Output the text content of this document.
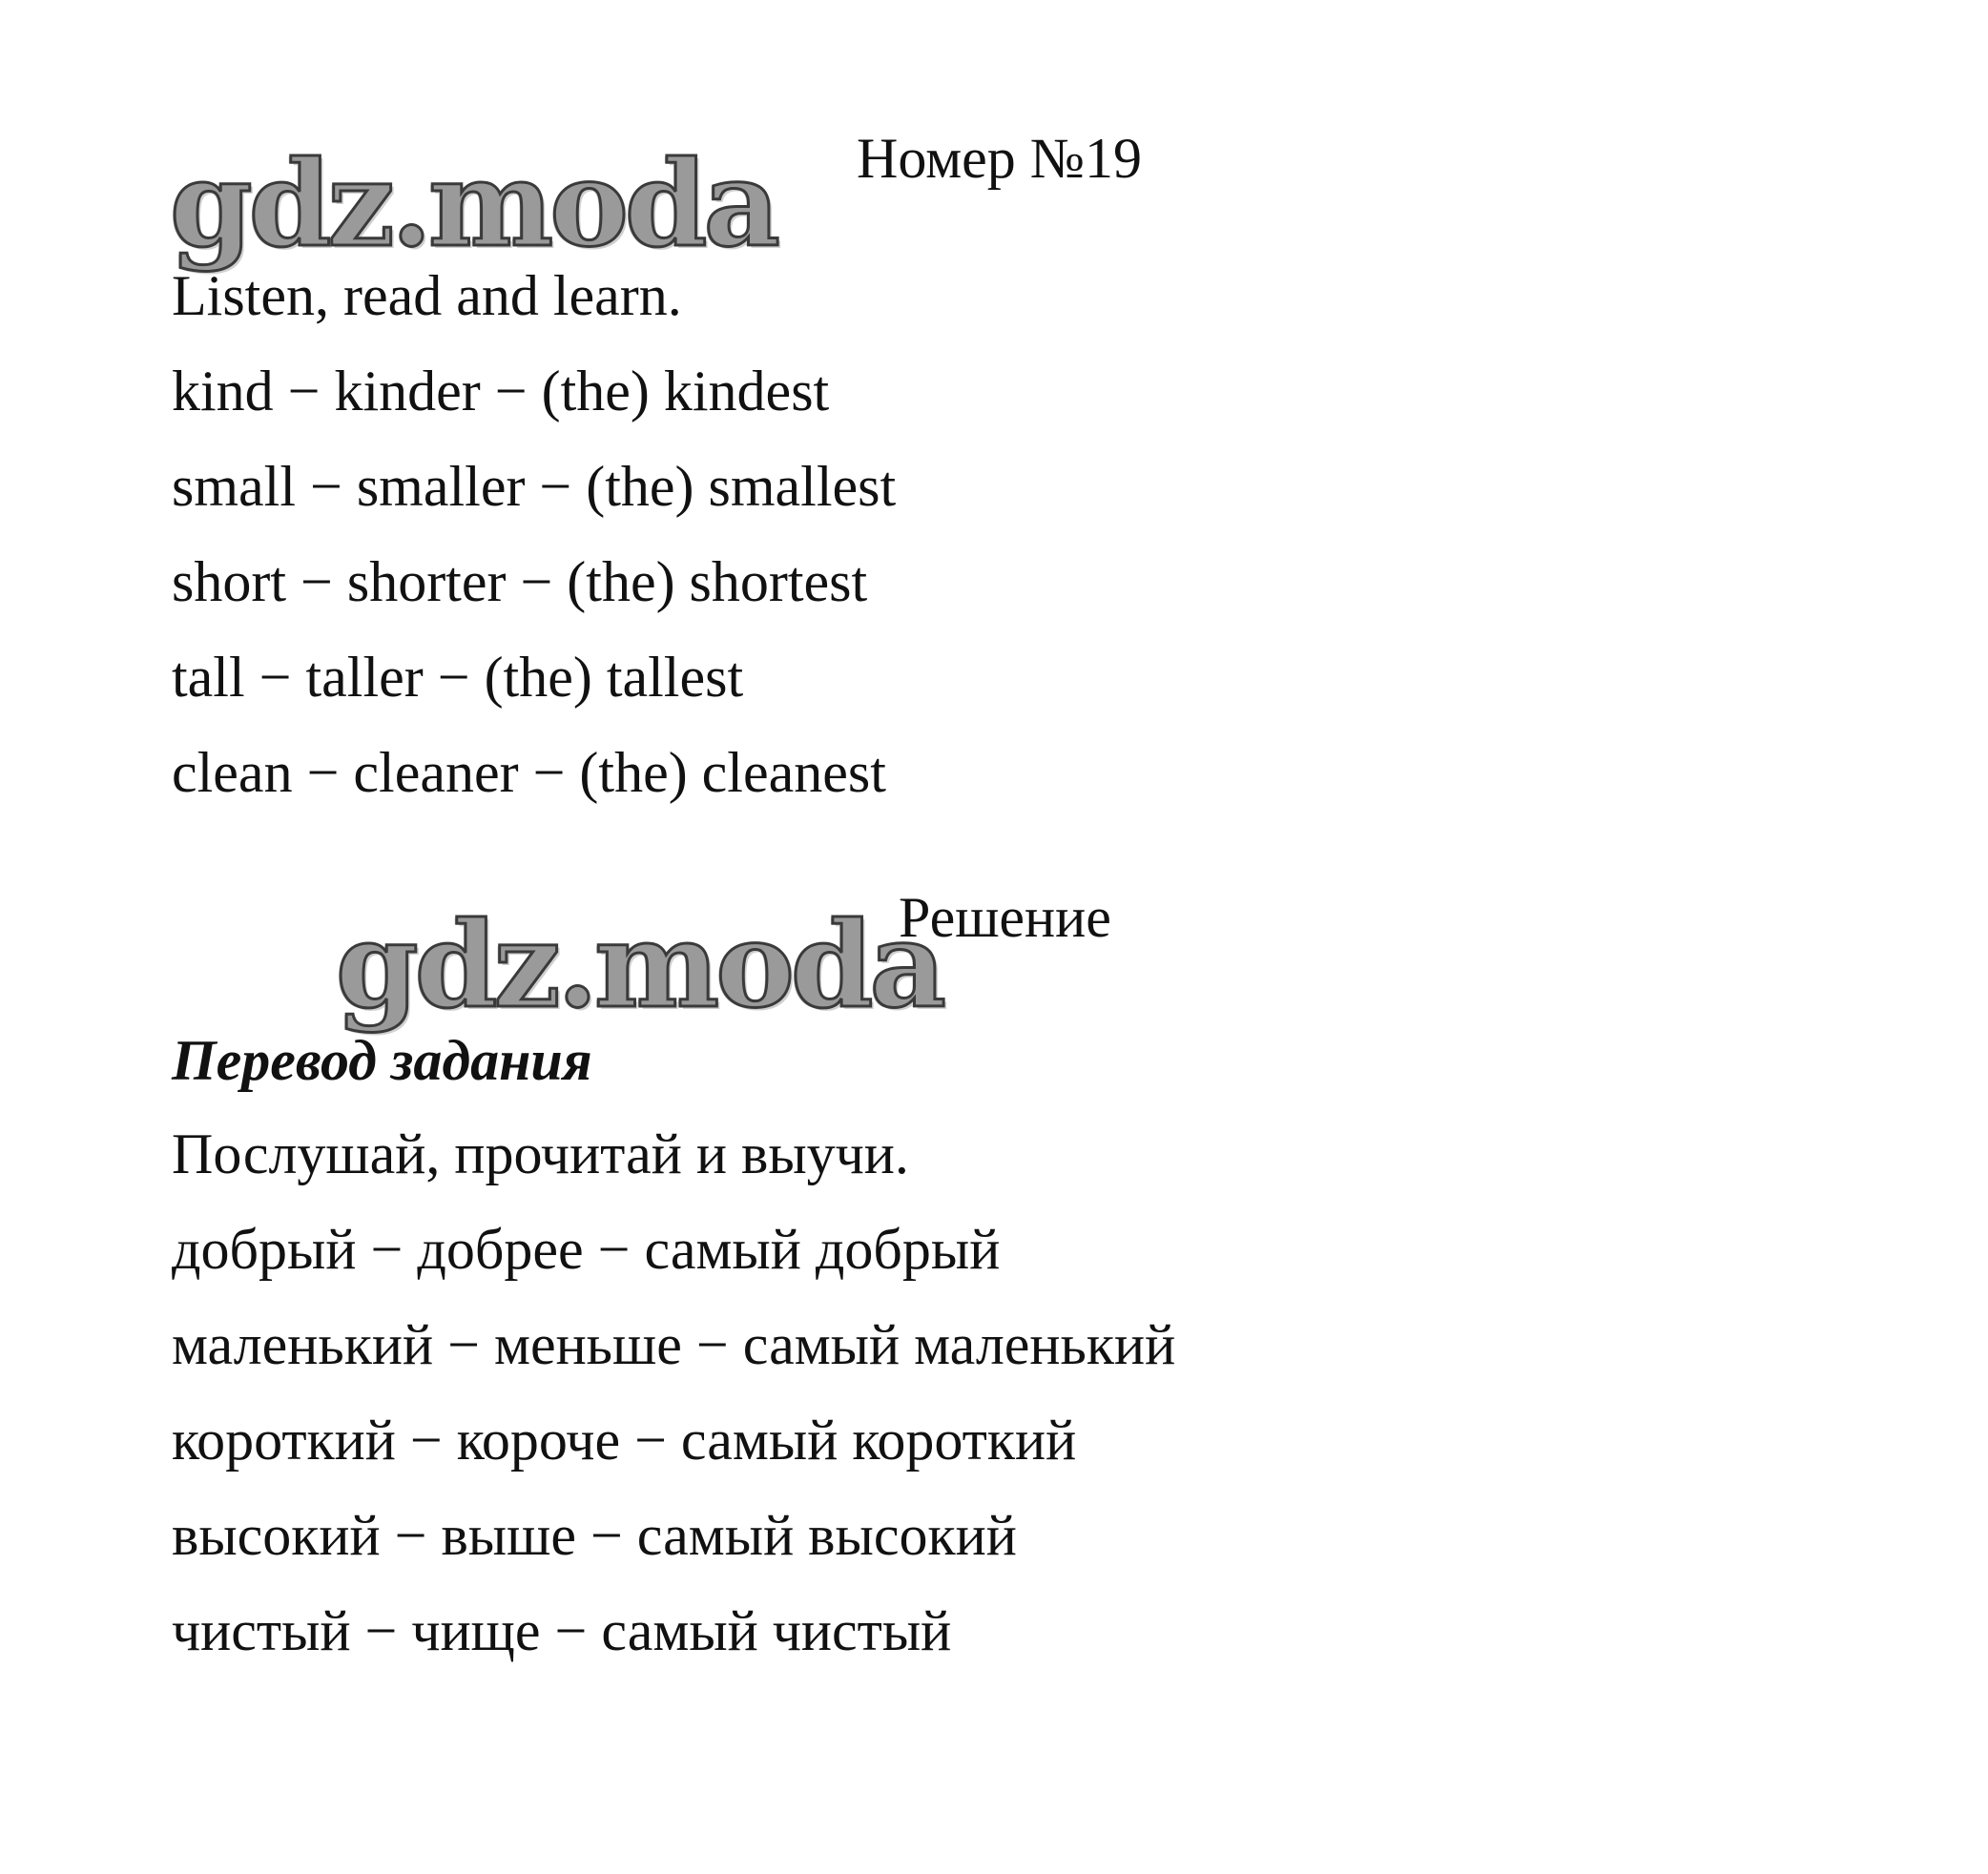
Номер №19
gdz.moda
Listen, read and learn.
kind − kinder − (the) kindest
small − smaller − (the) smallest
short − shorter − (the) shortest
tall − taller − (the) tallest
clean − cleaner − (the) cleanest
Решение
gdz.moda
Перевод задания
Послушай, прочитай и выучи.
добрый − добрее − самый добрый
маленький − меньше − самый маленький
короткий − короче − самый короткий
высокий − выше − самый высокий
чистый − чище − самый чистый
